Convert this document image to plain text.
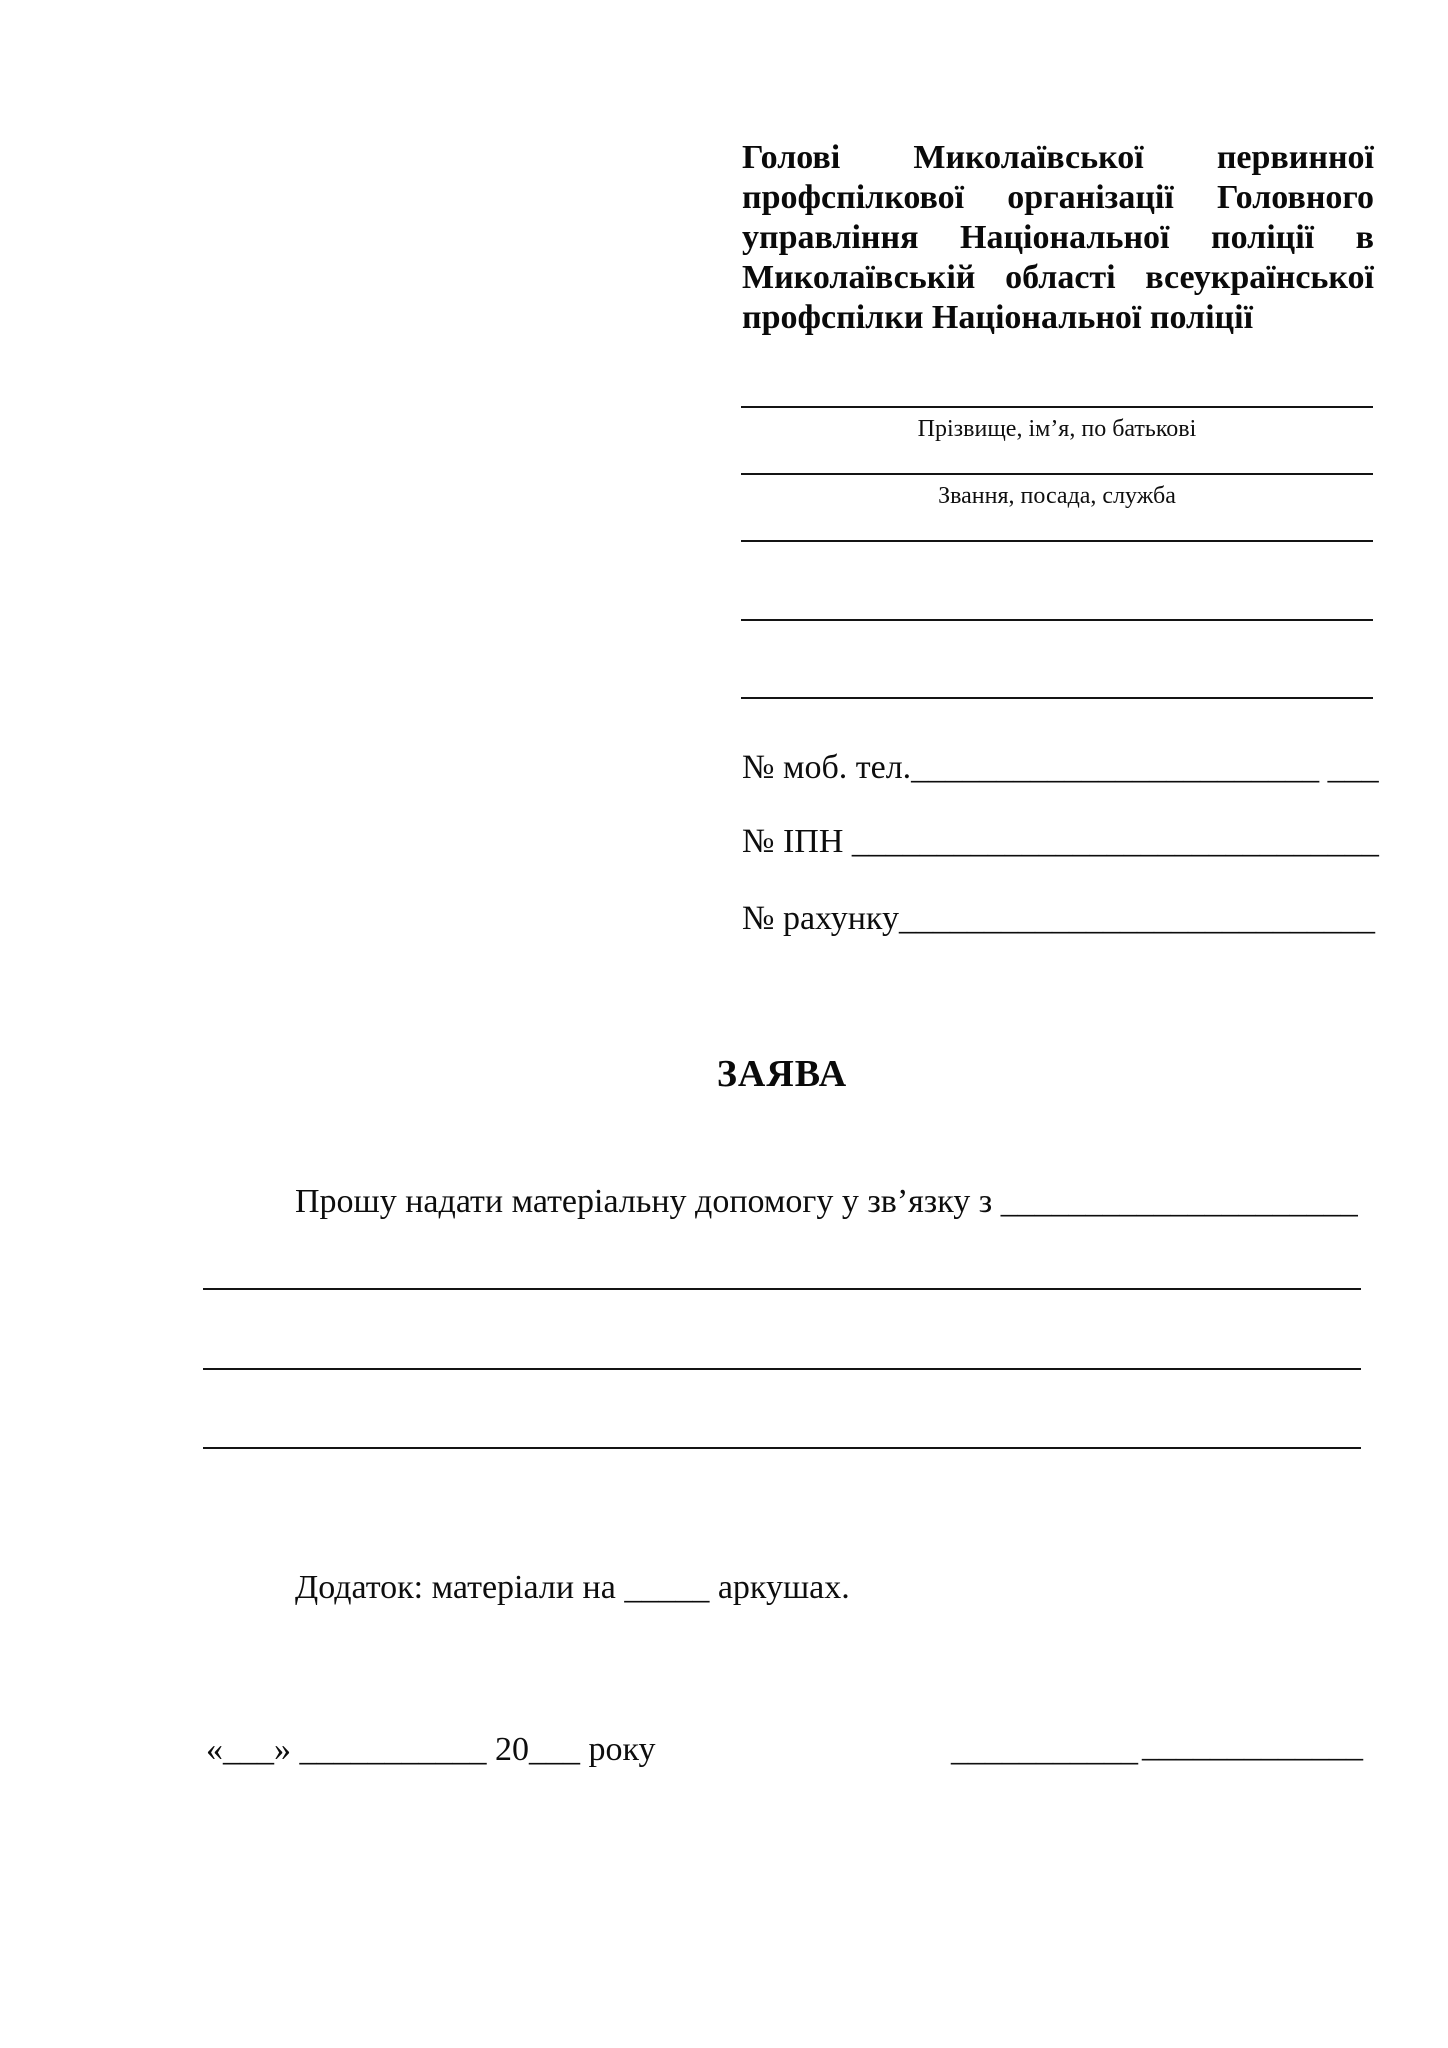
Голові Миколаївської первинної
профспілкової організації Головного
управління Національної поліції в
Миколаївській області всеукраїнської
профспілки Національної поліції
Прізвище, ім’я, по батькові
Звання, посада, служба
№ моб. тел.________________________ ___
№ ІПН _______________________________
№ рахунку____________________________
ЗАЯВА
Прошу надати матеріальну допомогу у зв’язку з _____________________
Додаток: матеріали на _____ аркушах.
«___» ___________ 20___ року	___________ _____________
